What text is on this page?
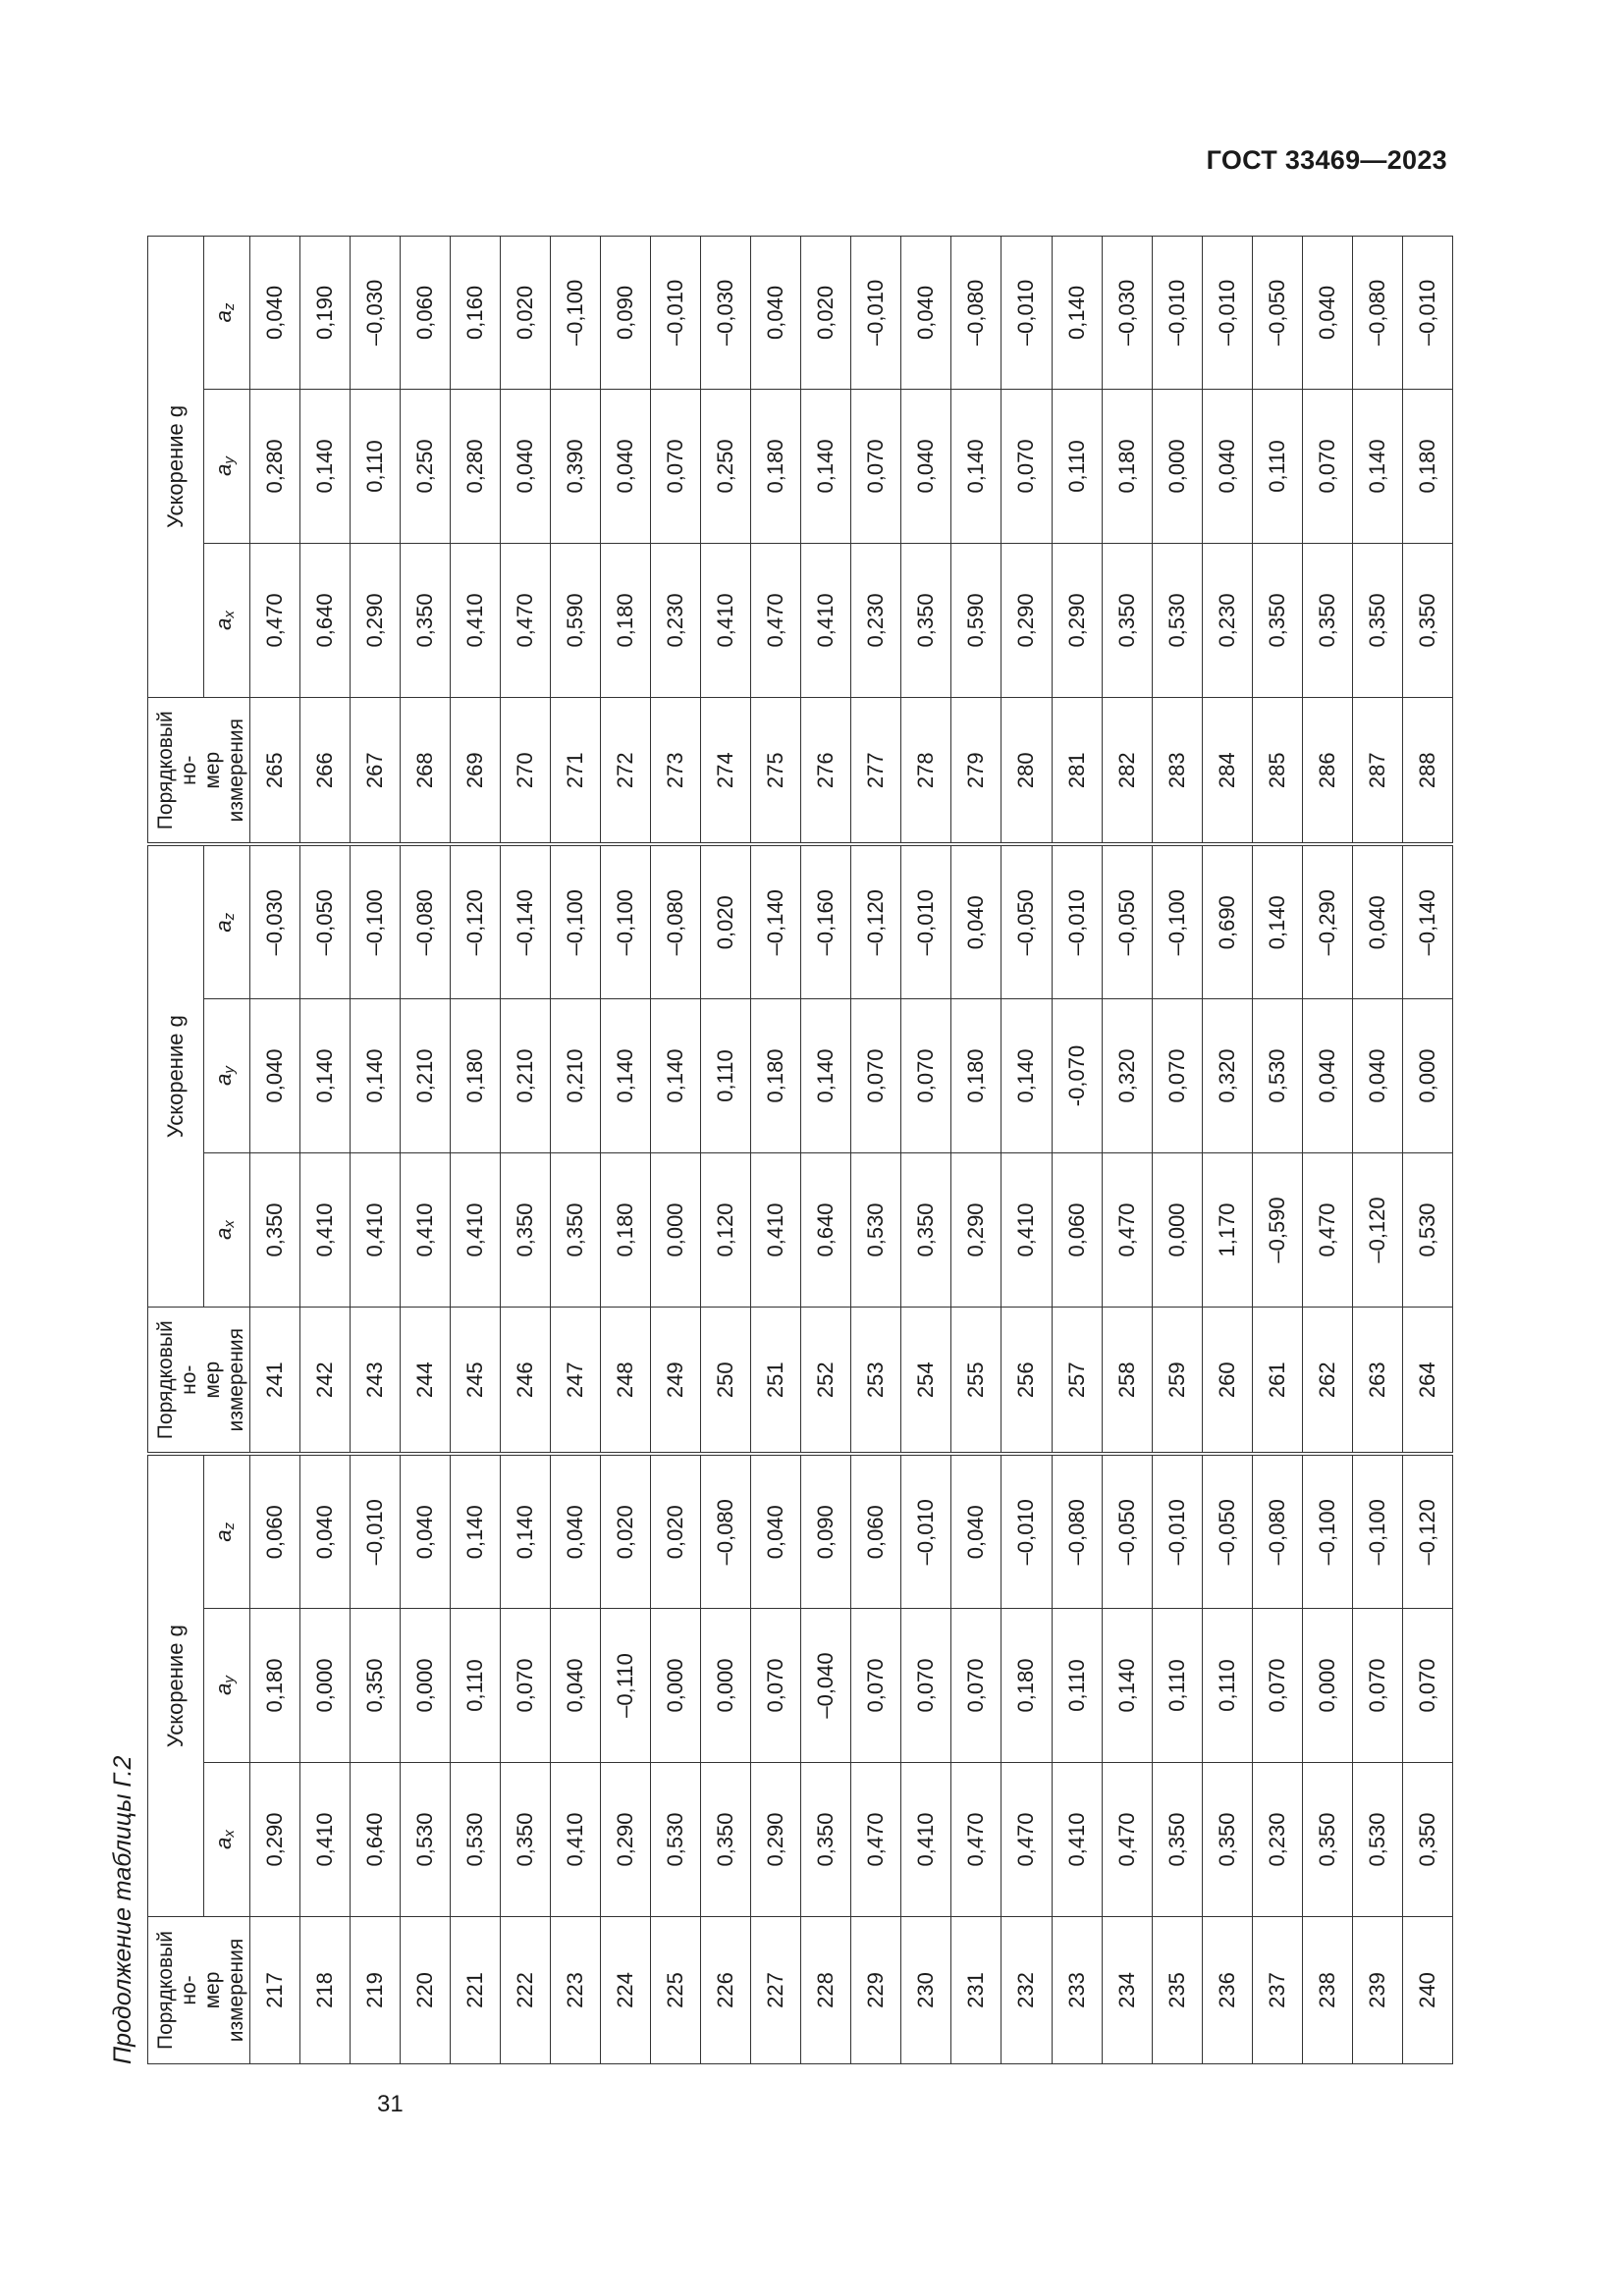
ГОСТ 33469—2023
31
Продолжение таблицы Г.2 Порядковый но-
мер измерения	Ускорение g			Порядковый но-
мер измерения	Ускорение g			Порядковый но-
мер измерения	Ускорение g		
	$a_x$	$a_y$	$a_z$		$a_x$	$a_y$	$a_z$		$a_x$	$a_y$	$a_z$
217	0,290	0,180	0,060	241	0,350	0,040	–0,030	265	0,470	0,280	0,040
218	0,410	0,000	0,040	242	0,410	0,140	–0,050	266	0,640	0,140	0,190
219	0,640	0,350	–0,010	243	0,410	0,140	–0,100	267	0,290	0,110	–0,030
220	0,530	0,000	0,040	244	0,410	0,210	–0,080	268	0,350	0,250	0,060
221	0,530	0,110	0,140	245	0,410	0,180	–0,120	269	0,410	0,280	0,160
222	0,350	0,070	0,140	246	0,350	0,210	–0,140	270	0,470	0,040	0,020
223	0,410	0,040	0,040	247	0,350	0,210	–0,100	271	0,590	0,390	–0,100
224	0,290	–0,110	0,020	248	0,180	0,140	–0,100	272	0,180	0,040	0,090
225	0,530	0,000	0,020	249	0,000	0,140	–0,080	273	0,230	0,070	–0,010
226	0,350	0,000	–0,080	250	0,120	0,110	0,020	274	0,410	0,250	–0,030
227	0,290	0,070	0,040	251	0,410	0,180	–0,140	275	0,470	0,180	0,040
228	0,350	–0,040	0,090	252	0,640	0,140	–0,160	276	0,410	0,140	0,020
229	0,470	0,070	0,060	253	0,530	0,070	–0,120	277	0,230	0,070	–0,010
230	0,410	0,070	–0,010	254	0,350	0,070	–0,010	278	0,350	0,040	0,040
231	0,470	0,070	0,040	255	0,290	0,180	0,040	279	0,590	0,140	–0,080
232	0,470	0,180	–0,010	256	0,410	0,140	–0,050	280	0,290	0,070	–0,010
233	0,410	0,110	–0,080	257	0,060	-0,070	–0,010	281	0,290	0,110	0,140
234	0,470	0,140	–0,050	258	0,470	0,320	–0,050	282	0,350	0,180	–0,030
235	0,350	0,110	–0,010	259	0,000	0,070	–0,100	283	0,530	0,000	–0,010
236	0,350	0,110	–0,050	260	1,170	0,320	0,690	284	0,230	0,040	–0,010
237	0,230	0,070	–0,080	261	–0,590	0,530	0,140	285	0,350	0,110	–0,050
238	0,350	0,000	–0,100	262	0,470	0,040	–0,290	286	0,350	0,070	0,040
239	0,530	0,070	–0,100	263	–0,120	0,040	0,040	287	0,350	0,140	–0,080
240	0,350	0,070	–0,120	264	0,530	0,000	–0,140	288	0,350	0,180	–0,010
